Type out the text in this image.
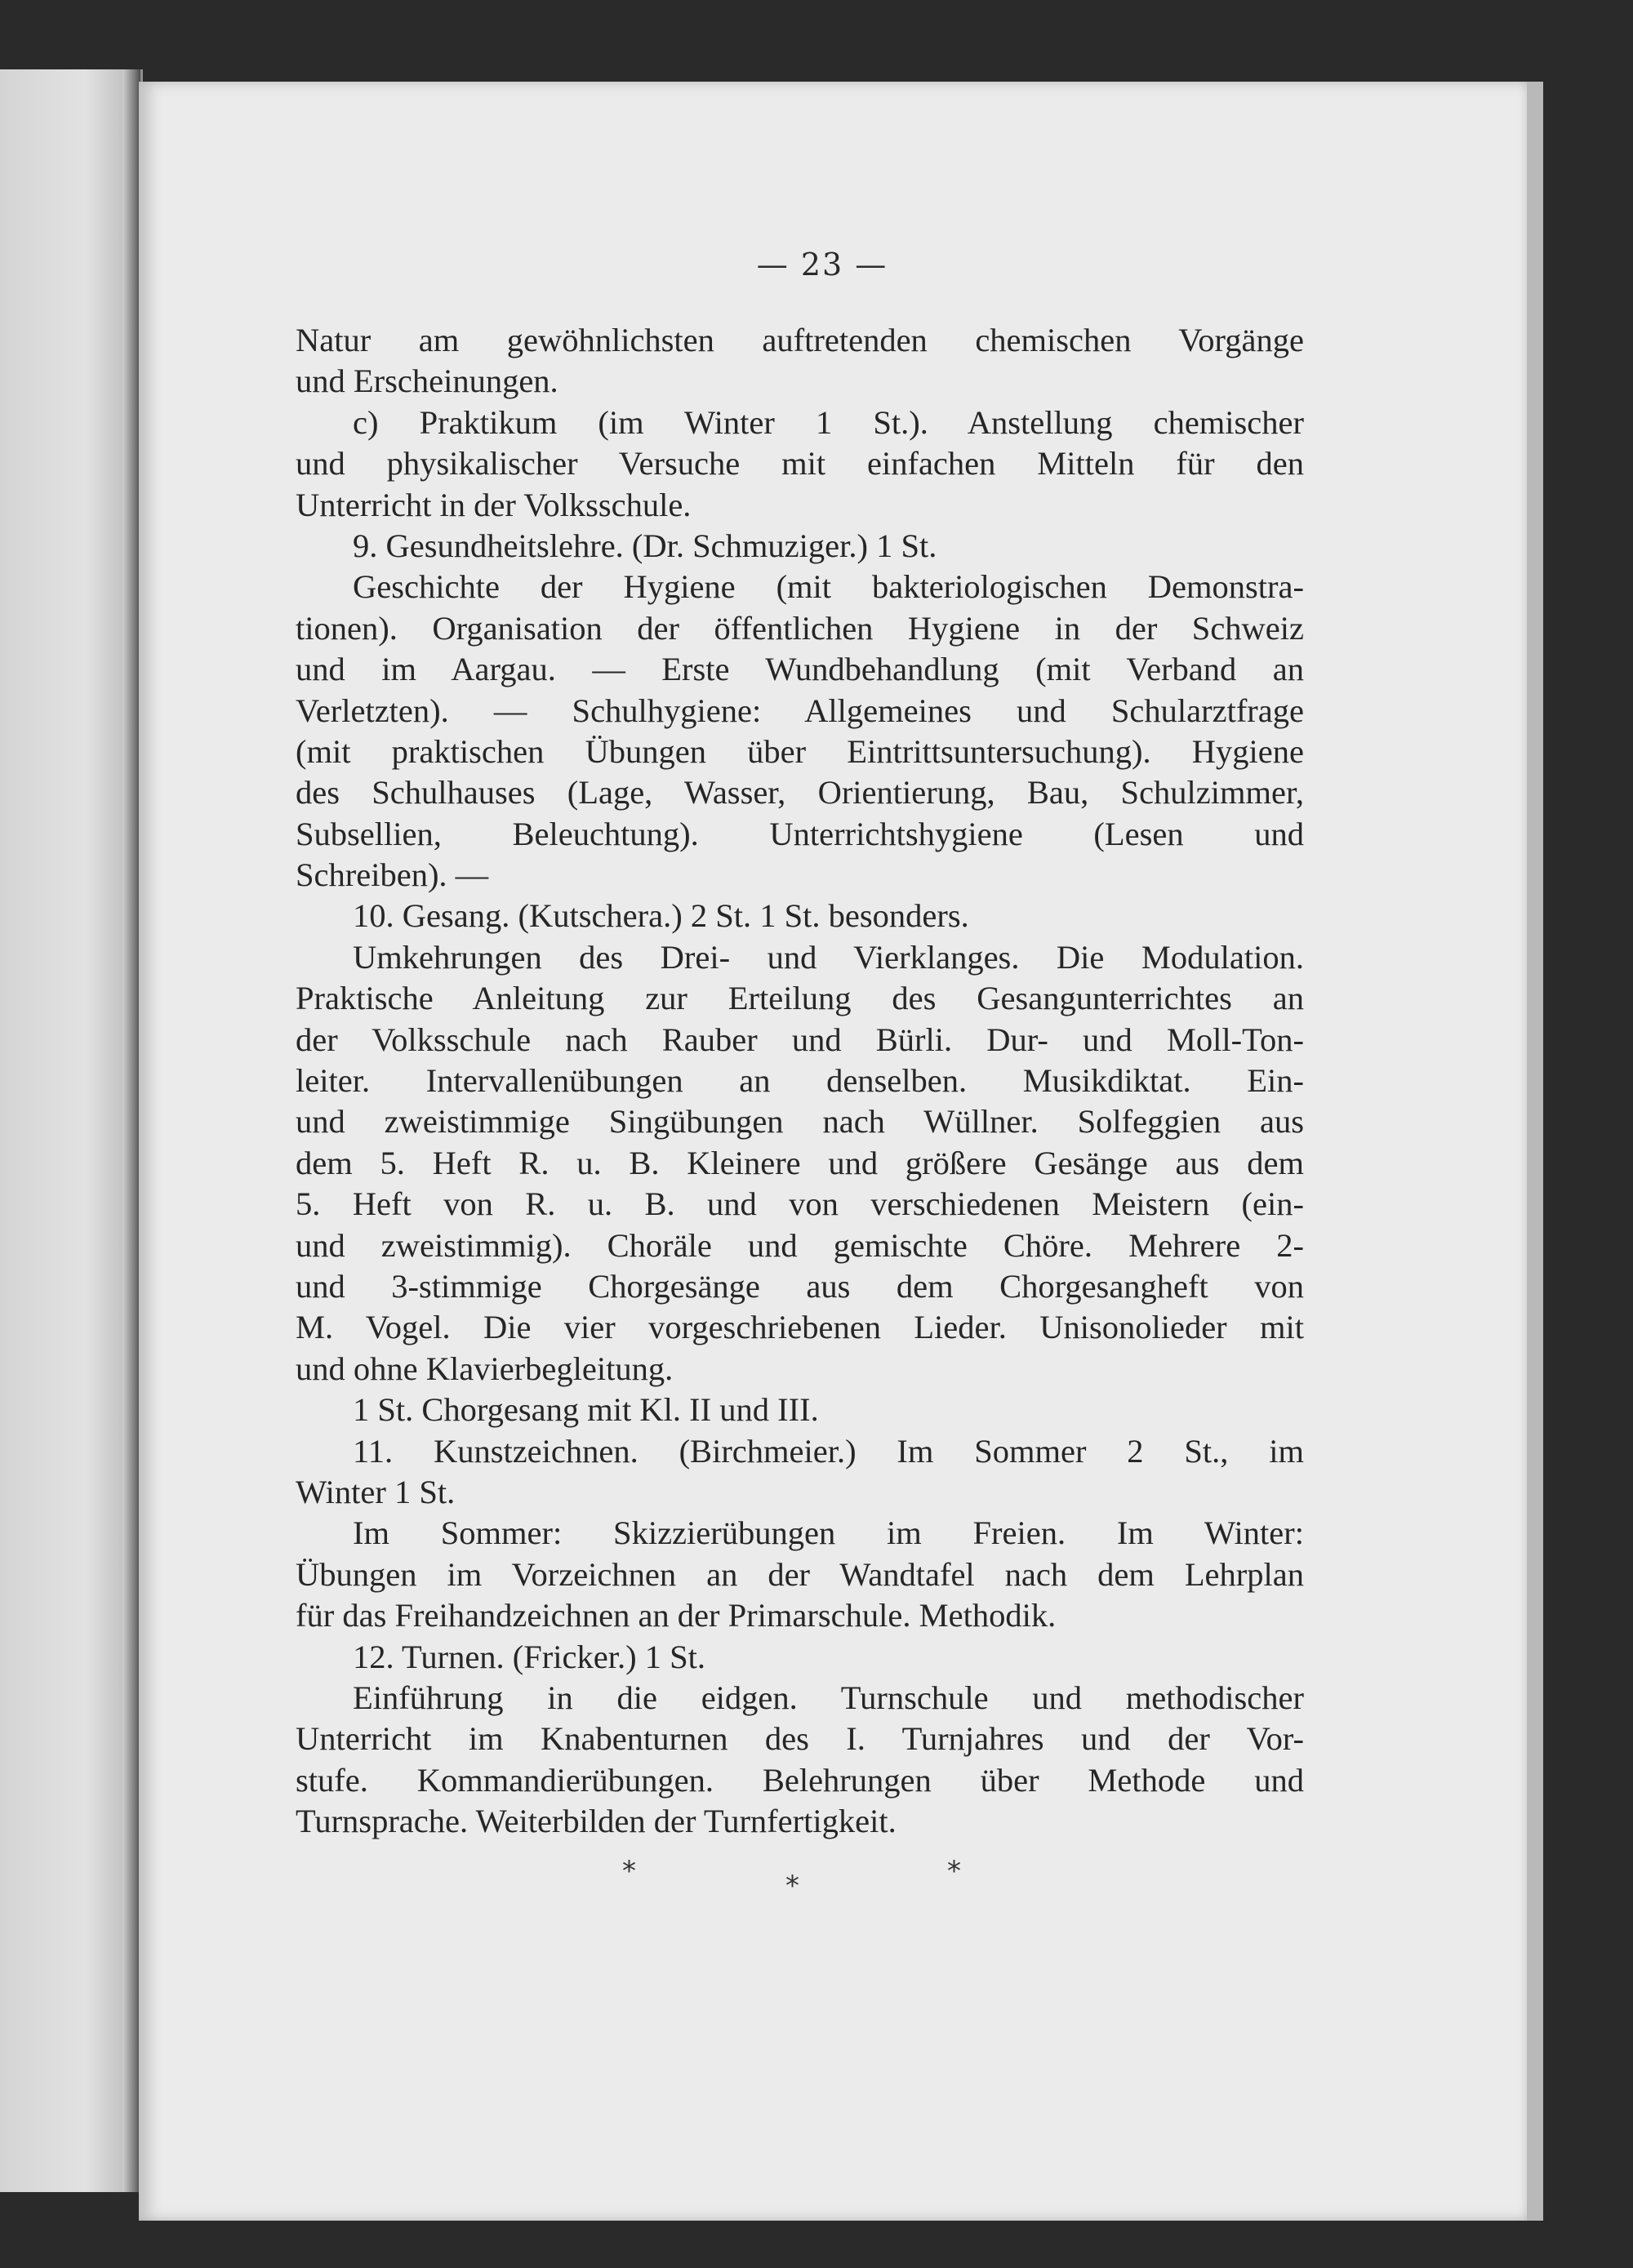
— 23 —
Natur am gewöhnlichsten auftretenden chemischen Vorgänge
und Erscheinungen.
c) Praktikum (im Winter 1 St.). Anstellung chemischer
und physikalischer Versuche mit einfachen Mitteln für den
Unterricht in der Volksschule.
9. Gesundheitslehre. (Dr. Schmuziger.) 1 St.
Geschichte der Hygiene (mit bakteriologischen Demonstra-
tionen). Organisation der öffentlichen Hygiene in der Schweiz
und im Aargau. — Erste Wundbehandlung (mit Verband an
Verletzten). — Schulhygiene: Allgemeines und Schularztfrage
(mit praktischen Übungen über Eintrittsuntersuchung). Hygiene
des Schulhauses (Lage, Wasser, Orientierung, Bau, Schulzimmer,
Subsellien, Beleuchtung). Unterrichtshygiene (Lesen und
Schreiben). —
10. Gesang. (Kutschera.) 2 St. 1 St. besonders.
Umkehrungen des Drei- und Vierklanges. Die Modulation.
Praktische Anleitung zur Erteilung des Gesangunterrichtes an
der Volksschule nach Rauber und Bürli. Dur- und Moll-Ton-
leiter. Intervallenübungen an denselben. Musikdiktat. Ein-
und zweistimmige Singübungen nach Wüllner. Solfeggien aus
dem 5. Heft R. u. B. Kleinere und größere Gesänge aus dem
5. Heft von R. u. B. und von verschiedenen Meistern (ein-
und zweistimmig). Choräle und gemischte Chöre. Mehrere 2-
und 3-stimmige Chorgesänge aus dem Chorgesangheft von
M. Vogel. Die vier vorgeschriebenen Lieder. Unisonolieder mit
und ohne Klavierbegleitung.
1 St. Chorgesang mit Kl. II und III.
11. Kunstzeichnen. (Birchmeier.) Im Sommer 2 St., im
Winter 1 St.
Im Sommer: Skizzierübungen im Freien. Im Winter:
Übungen im Vorzeichnen an der Wandtafel nach dem Lehrplan
für das Freihandzeichnen an der Primarschule. Methodik.
12. Turnen. (Fricker.) 1 St.
Einführung in die eidgen. Turnschule und methodischer
Unterricht im Knabenturnen des I. Turnjahres und der Vor-
stufe. Kommandierübungen. Belehrungen über Methode und
Turnsprache. Weiterbilden der Turnfertigkeit.
*	*	*
